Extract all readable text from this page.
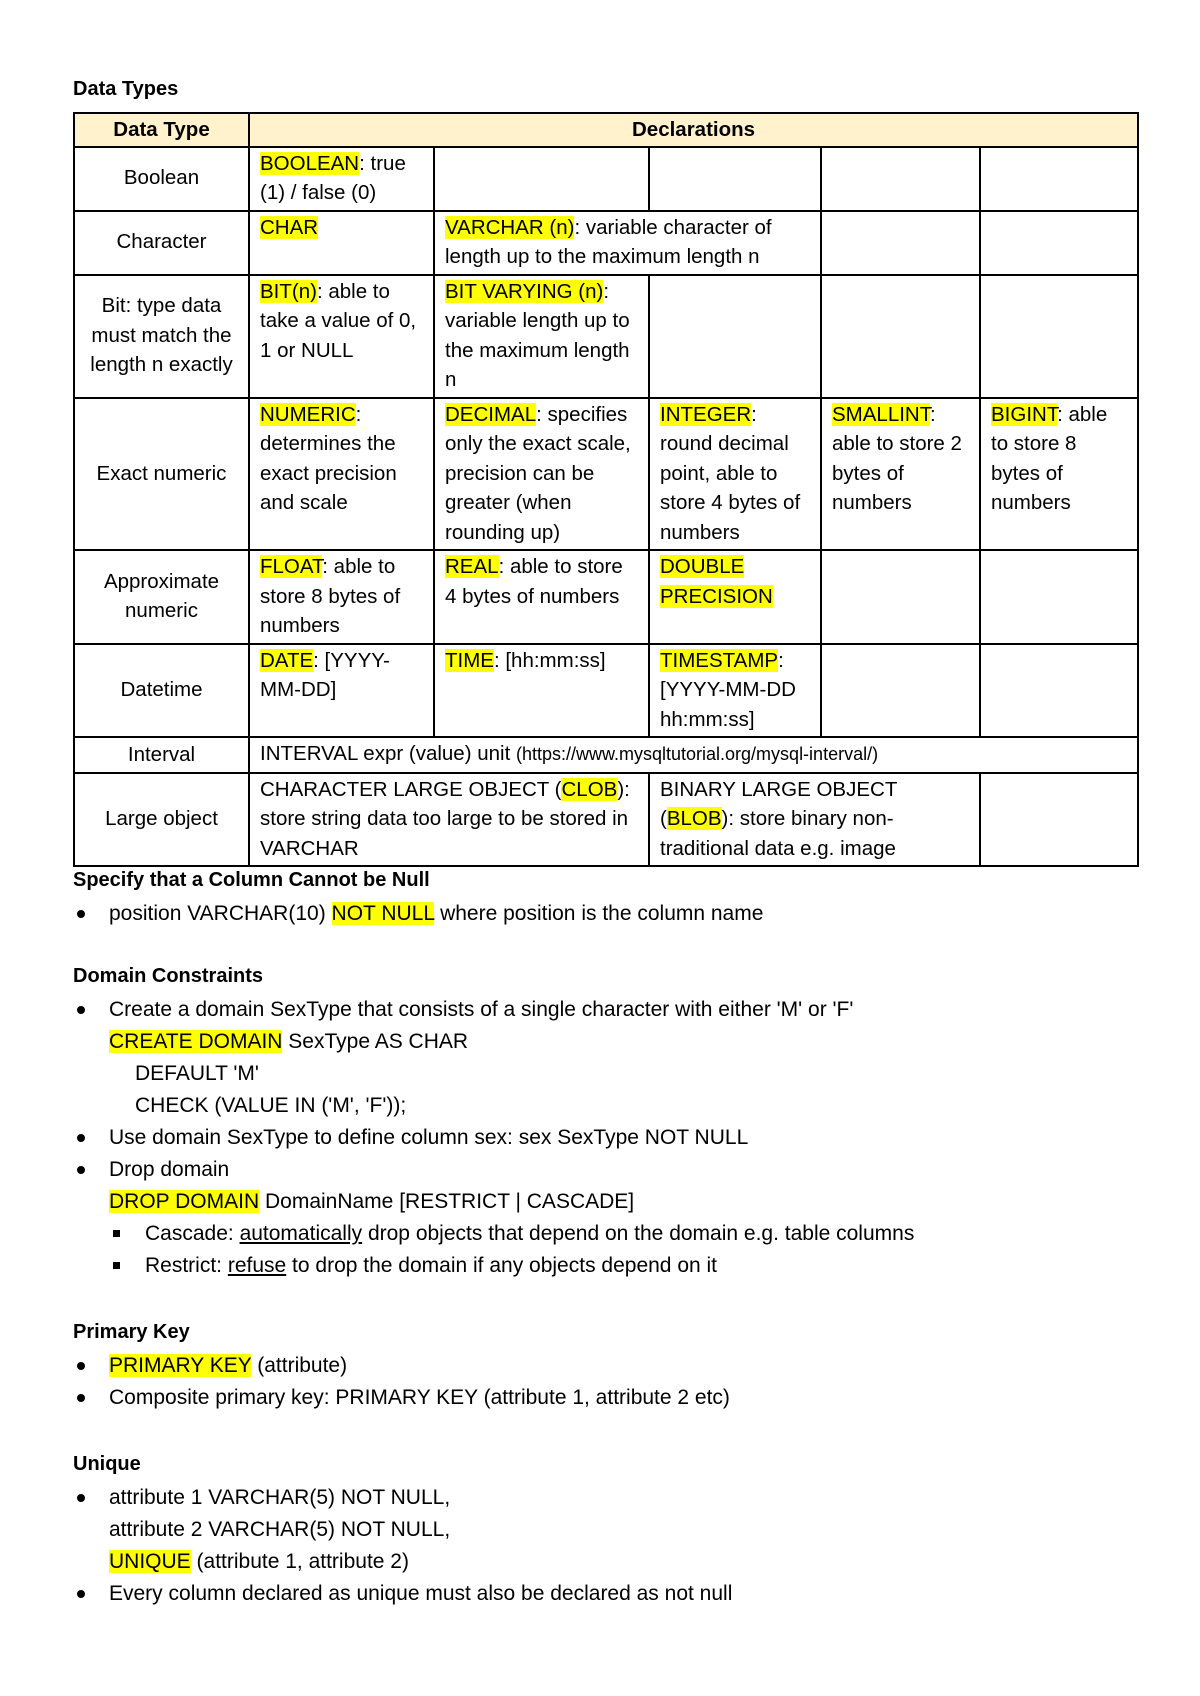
Data Types
Data Type	Declarations				
Boolean	BOOLEAN: true (1) / false (0)				
Character	CHAR	VARCHAR (n): variable character of length up to the maximum length n			
Bit: type data must match the length n exactly	BIT(n): able to take a value of 0, 1 or NULL	BIT VARYING (n): variable length up to the maximum length n			
Exact numeric	NUMERIC: determines the exact precision and scale	DECIMAL: specifies only the exact scale, precision can be greater (when rounding up)	INTEGER: round decimal point, able to store 4 bytes of numbers	SMALLINT: able to store 2 bytes of numbers	BIGINT: able to store 8 bytes of numbers
Approximate numeric	FLOAT: able to store 8 bytes of numbers	REAL: able to store 4 bytes of numbers	DOUBLE PRECISION		
Datetime	DATE: [YYYY-MM-DD]	TIME: [hh:mm:ss]	TIMESTAMP: [YYYY-MM-DD hh:mm:ss]		
Interval	INTERVAL expr (value) unit (https://www.mysqltutorial.org/mysql-interval/)				
Large object	CHARACTER LARGE OBJECT (CLOB): store string data too large to be stored in VARCHAR		BINARY LARGE OBJECT (BLOB): store binary non-traditional data e.g. image		
Specify that a Column Cannot be Null
position VARCHAR(10) NOT NULL where position is the column name
Domain Constraints
Create a domain SexType that consists of a single character with either 'M' or 'F'
CREATE DOMAIN SexType AS CHAR
DEFAULT 'M'
CHECK (VALUE IN ('M', 'F'));
Use domain SexType to define column sex: sex SexType NOT NULL
Drop domain
DROP DOMAIN DomainName [RESTRICT | CASCADE]
Cascade: automatically drop objects that depend on the domain e.g. table columns
Restrict: refuse to drop the domain if any objects depend on it
Primary Key
PRIMARY KEY (attribute)
Composite primary key: PRIMARY KEY (attribute 1, attribute 2 etc)
Unique
attribute 1 VARCHAR(5) NOT NULL,
attribute 2 VARCHAR(5) NOT NULL,
UNIQUE (attribute 1, attribute 2)
Every column declared as unique must also be declared as not null
